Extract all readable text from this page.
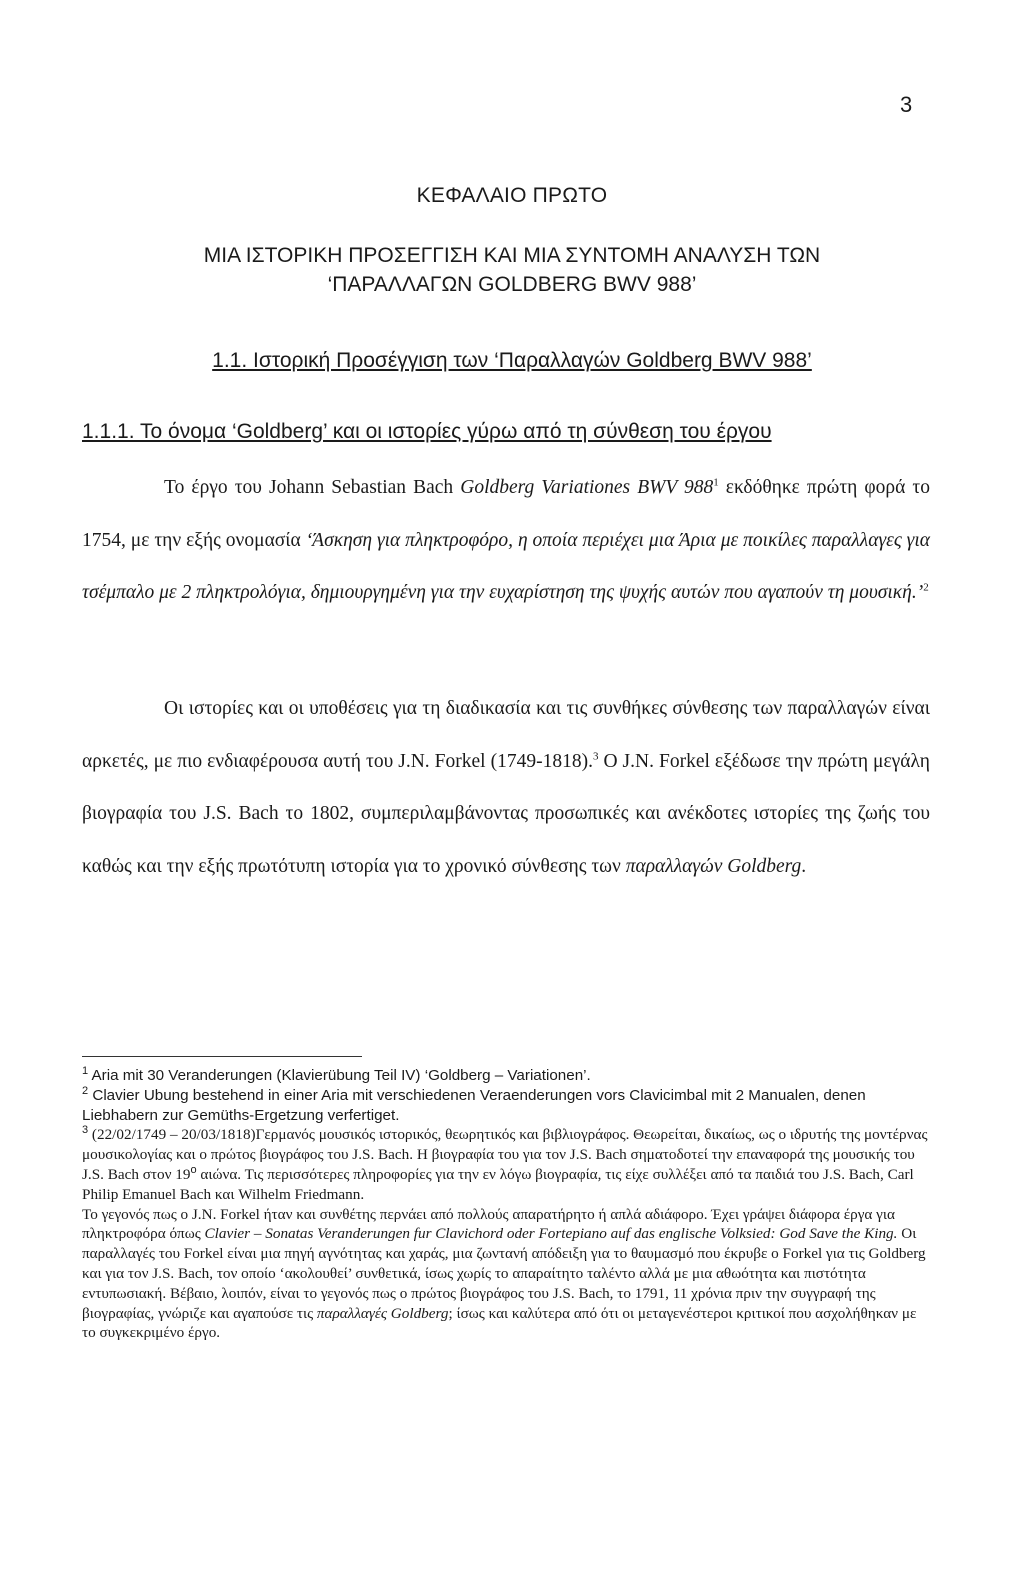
3
ΚΕΦΑΛΑΙΟ ΠΡΩΤΟ
ΜΙΑ ΙΣΤΟΡΙΚΗ ΠΡΟΣΕΓΓΙΣΗ ΚΑΙ ΜΙΑ ΣΥΝΤΟΜΗ ΑΝΑΛΥΣΗ ΤΩΝ
‘ΠΑΡΑΛΛΑΓΩΝ GOLDBERG BWV 988’
1.1. Ιστορική Προσέγγιση των ‘Παραλλαγών Goldberg BWV 988’
1.1.1. Το όνομα ‘Goldberg’ και οι ιστορίες γύρω από τη σύνθεση του έργου

Το έργο του Johann Sebastian Bach Goldberg Variationes BWV $988^1$ εκδόθηκε πρώτη φορά το 1754, με την εξής ονομασία ‘Άσκηση για πληκτροφόρο, η οποία περιέχει μια Άρια με ποικίλες παραλλαγες για τσέμπαλο με 2 πληκτρολόγια, δημιουργημένη για την ευχαρίστηση της ψυχής αυτών που αγαπούν τη μουσική.’$^2$

Οι ιστορίες και οι υποθέσεις για τη διαδικασία και τις συνθήκες σύνθεσης των παραλλαγών είναι αρκετές, με πιο ενδιαφέρουσα αυτή του J.N. Forkel (1749-1818).$^3$ Ο J.N. Forkel εξέδωσε την πρώτη μεγάλη βιογραφία του J.S. Bach το 1802, συμπεριλαμβάνοντας προσωπικές και ανέκδοτες ιστορίες της ζωής του καθώς και την εξής πρωτότυπη ιστορία για το χρονικό σύνθεσης των παραλλαγών Goldberg.

$^1$ Aria mit 30 Veranderungen (Klavierübung Teil IV) ‘Goldberg – Variationen’.

$^2$ Clavier Ubung bestehend in einer Aria mit verschiedenen Veraenderungen vors Clavicimbal mit 2 Manualen, denen Liebhabern zur Gemüths-Ergetzung verfertiget.

$^3$ (22/02/1749 – 20/03/1818)Γερμανός μουσικός ιστορικός, θεωρητικός και βιβλιογράφος. Θεωρείται, δικαίως, ως ο ιδρυτής της μοντέρνας μουσικολογίας και ο πρώτος βιογράφος του J.S. Bach. Η βιογραφία του για τον J.S. Bach σηματοδοτεί την επαναφορά της μουσικής του J.S. Bach στον $19^o$ αιώνα. Τις περισσότερες πληροφορίες για την εν λόγω βιογραφία, τις είχε συλλέξει από τα παιδιά του J.S. Bach, Carl Philip Emanuel Bach και Wilhelm Friedmann.

Το γεγονός πως ο J.N. Forkel ήταν και συνθέτης περνάει από πολλούς απαρατήρητο ή απλά αδιάφορο. Έχει γράψει διάφορα έργα για πληκτροφόρα όπως Clavier – Sonatas Veranderungen fur Clavichord oder Fortepiano auf das englische Volksied: God Save the King. Οι παραλλαγές του Forkel είναι μια πηγή αγνότητας και χαράς, μια ζωντανή απόδειξη για το θαυμασμό που έκρυβε ο Forkel για τις Goldberg και για τον J.S. Bach, τον οποίο ‘ακολουθεί’ συνθετικά, ίσως χωρίς το απαραίτητο ταλέντο αλλά με μια αθωότητα και πιστότητα εντυπωσιακή. Βέβαιο, λοιπόν, είναι το γεγονός πως ο πρώτος βιογράφος του J.S. Bach, το 1791, 11 χρόνια πριν την συγγραφή της βιογραφίας, γνώριζε και αγαπούσε τις παραλλαγές Goldberg; ίσως και καλύτερα από ότι οι μεταγενέστεροι κριτικοί που ασχολήθηκαν με το συγκεκριμένο έργο.
